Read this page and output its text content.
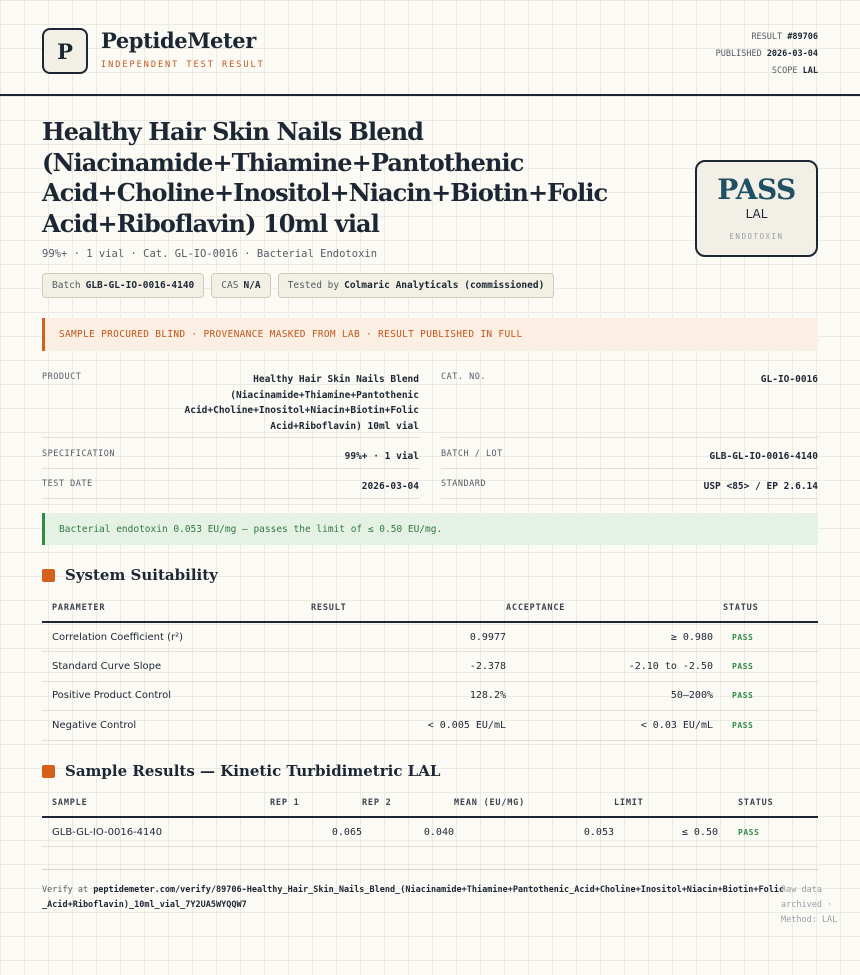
P	PeptideMeter
INDEPENDENT TEST RESULT
RESULT #89706
PUBLISHED 2026-03-04
SCOPE LAL
Healthy Hair Skin Nails Blend (Niacinamide+Thiamine+Pantothenic Acid+Choline+Inositol+Niacin+Biotin+Folic Acid+Riboflavin) 10ml vial
99%+ · 1 vial · Cat. GL-IO-0016 · Bacterial Endotoxin
Batch GLB-GL-IO-0016-4140	CAS N/A	Tested by Colmaric Analyticals (commissioned)
PASS
LAL
ENDOTOXIN
SAMPLE PROCURED BLIND · PROVENANCE MASKED FROM LAB · RESULT PUBLISHED IN FULL
PRODUCT	Healthy Hair Skin Nails Blend
(Niacinamide+Thiamine+Pantothenic
Acid+Choline+Inositol+Niacin+Biotin+Folic
Acid+Riboflavin) 10ml vial
CAT. NO.	GL-IO-0016
SPECIFICATION	99%+ · 1 vial	BATCH / LOT	GLB-GL-IO-0016-4140
TEST DATE	2026-03-04	STANDARD	USP <85> / EP 2.6.14
Bacterial endotoxin 0.053 EU/mg — passes the limit of ≤ 0.50 EU/mg.
System Suitability
PARAMETER	RESULT	ACCEPTANCE	STATUS
Correlation Coefficient (r²)	0.9977	≥ 0.980	PASS
Standard Curve Slope	-2.378	-2.10 to -2.50	PASS
Positive Product Control	128.2%	50–200%	PASS
Negative Control	< 0.005 EU/mL	< 0.03 EU/mL	PASS
Sample Results — Kinetic Turbidimetric LAL
SAMPLE	REP 1	REP 2	MEAN (EU/MG)	LIMIT	STATUS
GLB-GL-IO-0016-4140	0.065	0.040	0.053	≤ 0.50	PASS
Verify at peptidemeter.com/verify/89706-Healthy_Hair_Skin_Nails_Blend_(Niacinamide+Thiamine+Pantothenic_Acid+Choline+Inositol+Niacin+Biotin+Folic_Acid+Riboflavin)_10ml_vial_7Y2UA5WYQQW7
Raw data archived · Method: LAL
